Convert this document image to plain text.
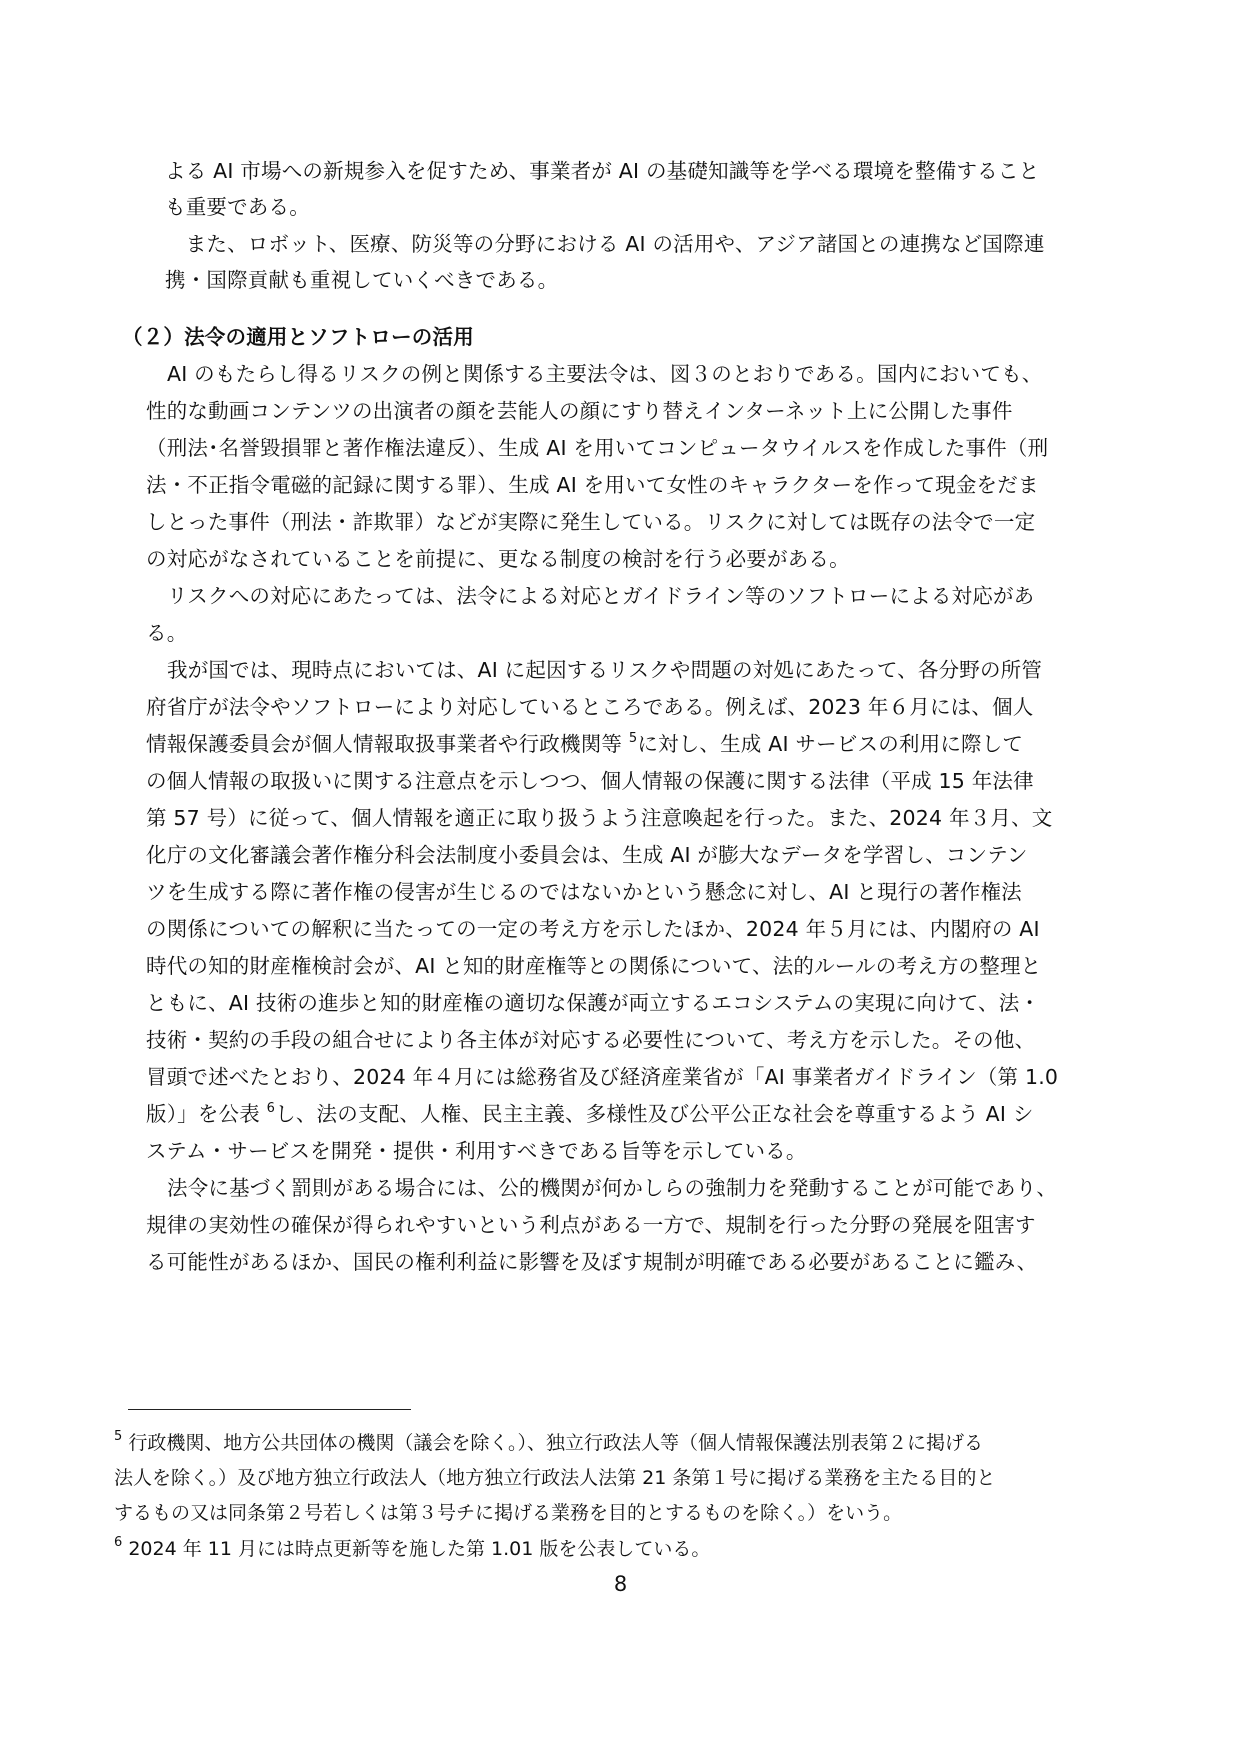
よる AI 市場への新規参入を促すため、事業者が AI の基礎知識等を学べる環境を整備すること
も重要である。
　また、ロボット、医療、防災等の分野における AI の活用や、アジア諸国との連携など国際連
携・国際貢献も重視していくべきである。
（２）法令の適用とソフトローの活用
AI のもたらし得るリスクの例と関係する主要法令は、図３のとおりである。国内においても、
性的な動画コンテンツの出演者の顔を芸能人の顔にすり替えインターネット上に公開した事件
（刑法･名誉毀損罪と著作権法違反）、生成 AI を用いてコンピュータウイルスを作成した事件（刑
法・不正指令電磁的記録に関する罪）、生成 AI を用いて女性のキャラクターを作って現金をだま
しとった事件（刑法・詐欺罪）などが実際に発生している。リスクに対しては既存の法令で一定
の対応がなされていることを前提に、更なる制度の検討を行う必要がある。
リスクへの対応にあたっては、法令による対応とガイドライン等のソフトローによる対応があ
る。
我が国では、現時点においては、AI に起因するリスクや問題の対処にあたって、各分野の所管
府省庁が法令やソフトローにより対応しているところである。例えば、2023 年６月には、個人
情報保護委員会が個人情報取扱事業者や行政機関等 $^5$に対し、生成 AI サービスの利用に際して
の個人情報の取扱いに関する注意点を示しつつ、個人情報の保護に関する法律（平成 15 年法律
第 57 号）に従って、個人情報を適正に取り扱うよう注意喚起を行った。また、2024 年３月、文
化庁の文化審議会著作権分科会法制度小委員会は、生成 AI が膨大なデータを学習し、コンテン
ツを生成する際に著作権の侵害が生じるのではないかという懸念に対し、AI と現行の著作権法
の関係についての解釈に当たっての一定の考え方を示したほか、2024 年５月には、内閣府の AI
時代の知的財産権検討会が、AI と知的財産権等との関係について、法的ルールの考え方の整理と
ともに、AI 技術の進歩と知的財産権の適切な保護が両立するエコシステムの実現に向けて、法・
技術・契約の手段の組合せにより各主体が対応する必要性について、考え方を示した。その他、
冒頭で述べたとおり、2024 年４月には総務省及び経済産業省が「AI 事業者ガイドライン（第 1.0
版）」を公表 $^6$し、法の支配、人権、民主主義、多様性及び公平公正な社会を尊重するよう AI シ
ステム・サービスを開発・提供・利用すべきである旨等を示している。
法令に基づく罰則がある場合には、公的機関が何かしらの強制力を発動することが可能であり、
規律の実効性の確保が得られやすいという利点がある一方で、規制を行った分野の発展を阻害す
る可能性があるほか、国民の権利利益に影響を及ぼす規制が明確である必要があることに鑑み、
$^5$ 行政機関、地方公共団体の機関（議会を除く。）、独立行政法人等（個人情報保護法別表第２に掲げる
法人を除く。）及び地方独立行政法人（地方独立行政法人法第 21 条第１号に掲げる業務を主たる目的と
するもの又は同条第２号若しくは第３号チに掲げる業務を目的とするものを除く。）をいう。
$^6$ 2024 年 11 月には時点更新等を施した第 1.01 版を公表している。
8
